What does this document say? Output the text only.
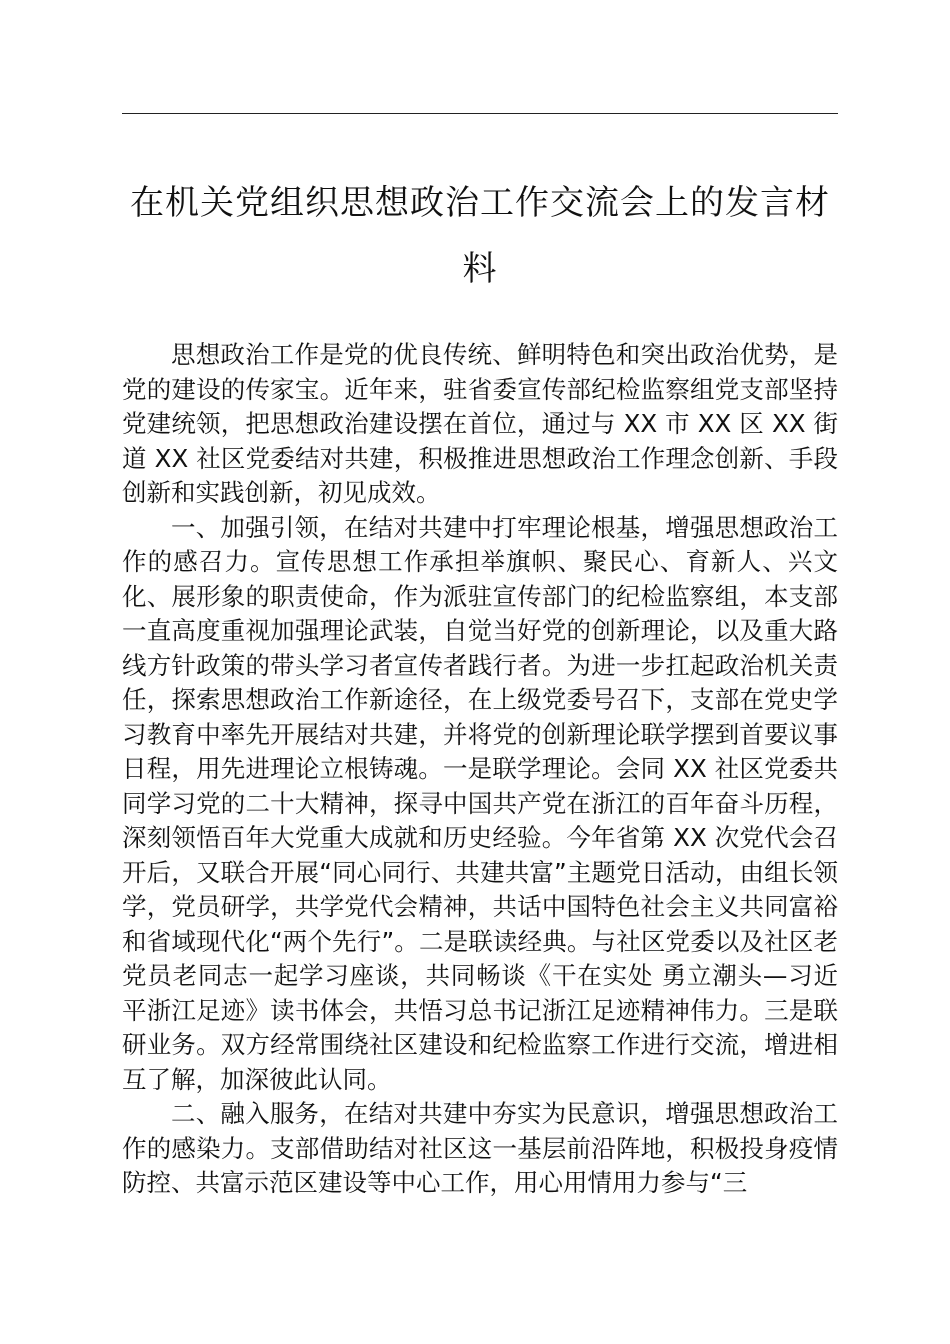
在机关党组织思想政治工作交流会上的发言材料

思想政治工作是党的优良传统、鲜明特色和突出政治优势，是党的建设的传家宝。近年来，驻省委宣传部纪检监察组党支部坚持党建统领，把思想政治建设摆在首位，通过与 XX 市 XX 区 XX 街道 XX 社区党委结对共建，积极推进思想政治工作理念创新、手段创新和实践创新，初见成效。

一、加强引领，在结对共建中打牢理论根基，增强思想政治工作的感召力。宣传思想工作承担举旗帜、聚民心、育新人、兴文化、展形象的职责使命，作为派驻宣传部门的纪检监察组，本支部一直高度重视加强理论武装，自觉当好党的创新理论，以及重大路线方针政策的带头学习者宣传者践行者。为进一步扛起政治机关责任，探索思想政治工作新途径，在上级党委号召下，支部在党史学习教育中率先开展结对共建，并将党的创新理论联学摆到首要议事日程，用先进理论立根铸魂。一是联学理论。会同 XX 社区党委共同学习党的二十大精神，探寻中国共产党在浙江的百年奋斗历程，深刻领悟百年大党重大成就和历史经验。今年省第 XX 次党代会召开后，又联合开展“同心同行、共建共富”主题党日活动，由组长领学，党员研学，共学党代会精神，共话中国特色社会主义共同富裕和省域现代化“两个先行”。二是联读经典。与社区党委以及社区老党员老同志一起学习座谈，共同畅谈《干在实处 勇立潮头—习近平浙江足迹》读书体会，共悟习总书记浙江足迹精神伟力。三是联研业务。双方经常围绕社区建设和纪检监察工作进行交流，增进相互了解，加深彼此认同。

二、融入服务，在结对共建中夯实为民意识，增强思想政治工作的感染力。支部借助结对社区这一基层前沿阵地，积极投身疫情防控、共富示范区建设等中心工作，用心用情用力参与“三
